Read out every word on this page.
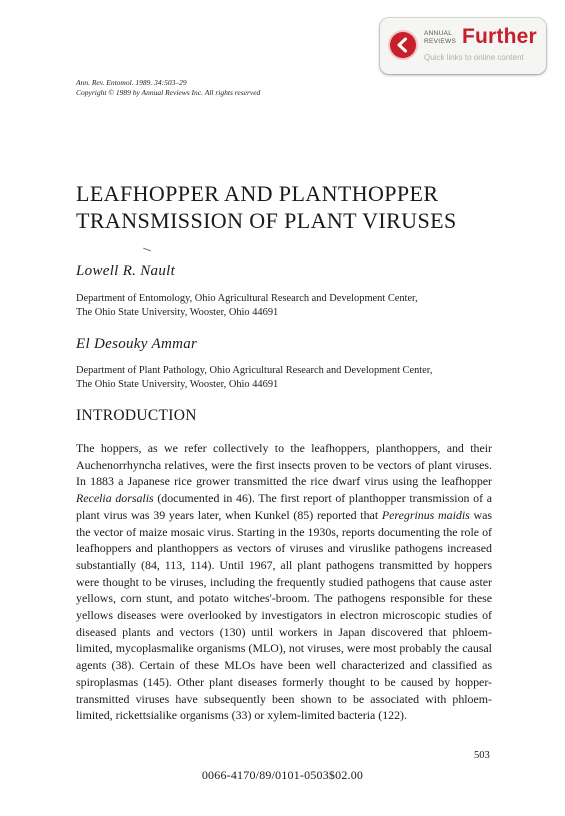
ANNUAL
REVIEWS Further
Quick links to online content
Ann. Rev. Entomol. 1989. 34:503–29
Copyright © 1989 by Annual Reviews Inc. All rights reserved
LEAFHOPPER AND PLANTHOPPER
TRANSMISSION OF PLANT VIRUSES
Lowell R. Nault
Department of Entomology, Ohio Agricultural Research and Development Center,
The Ohio State University, Wooster, Ohio 44691
El Desouky Ammar
Department of Plant Pathology, Ohio Agricultural Research and Development Center,
The Ohio State University, Wooster, Ohio 44691
INTRODUCTION
The hoppers, as we refer collectively to the leafhoppers, planthoppers, and their Auchenorrhyncha relatives, were the first insects proven to be vectors of plant viruses. In 1883 a Japanese rice grower transmitted the rice dwarf virus using the leafhopper Recelia dorsalis (documented in 46). The first report of planthopper transmission of a plant virus was 39 years later, when Kunkel (85) reported that Peregrinus maidis was the vector of maize mosaic virus. Starting in the 1930s, reports documenting the role of leafhoppers and planthoppers as vectors of viruses and viruslike pathogens increased substantially (84, 113, 114). Until 1967, all plant pathogens transmitted by hoppers were thought to be viruses, including the frequently studied pathogens that cause aster yellows, corn stunt, and potato witches'-broom. The pathogens responsible for these yellows diseases were overlooked by investigators in electron microscopic studies of diseased plants and vectors (130) until workers in Japan discovered that phloem-limited, mycoplasmalike organisms (MLO), not viruses, were most probably the causal agents (38). Certain of these MLOs have been well characterized and classified as spiroplasmas (145). Other plant diseases formerly thought to be caused by hopper-transmitted viruses have subsequently been shown to be associated with phloem-limited, rickettsialike organisms (33) or xylem-limited bacteria (122).
503
0066-4170/89/0101-0503$02.00
